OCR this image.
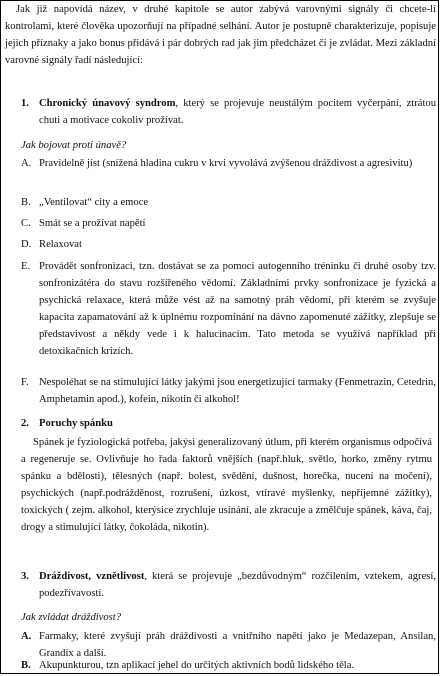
Jak již napovídá název, v druhé kapitole se autor zabývá varovnými signály či chcete-li kontrolami, které člověka upozorňují na případné selhání. Autor je postupně charakterizuje, popisuje jejich příznaky a jako bonus přidává i pár dobrých rad jak jim předcházet či je zvládat. Mezi základní varovné signály řadí následující:
1. Chronický únavový syndrom, který se projevuje neustálým pocitem vyčerpání, ztrátou chuti a motivace cokoliv prožívat.
Jak bojovat proti únavě?
A. Pravidelně jíst (snížená hladina cukru v krvi vyvolává zvýšenou dráždivost a agresivitu)
B. „Ventilovat“ city a emoce
C. Smát se a prožívat napětí
D. Relaxovat
E. Provádět sonfronizaci, tzn. dostávat se za pomoci autogenního tréninku či druhé osoby tzv. sonfronizátéra do stavu rozšířeného vědomí. Základními prvky sonfronizace je fyzická a psychická relaxace, která může vést až na samotný práh vědomí, při kterém se zvyšuje kapacita zapamatování až k úplnému rozpomínání na dávno zapomenuté zážitky, zlepšuje se představivost a někdy vede i k halucinacím. Tato metoda se využívá například při detoxikačních krizích.
F. Nespoléhat se na stimulující látky jakými jsou energetizující tarmaky (Fenmetrazin, Cetedrin, Amphetamin apod.), kofein, nikotin či alkohol!
2. Poruchy spánku
Spánek je fyziologická potřeba, jakýsi generalizovaný útlum, při kterém organismus odpočívá a regeneruje se. Ovlivňuje ho řada faktorů vnějších (např.hluk, světlo, horko, změny rytmu spánku a bdělosti), tělesných (např. bolest, svědění, dušnost, horečka, nucení na močení), psychických (např.podrážděnost, rozrušení, úzkost, vtíravé myšlenky, nepříjemné zážitky), toxických ( zejm. alkohol, kterýsice zrychluje usínání, ale zkracuje a změlčuje spánek, káva, čaj, drogy a stimulující látky, čokoláda, nikotin).
3. Dráždivost, vznětlivost, která se projevuje „bezdůvodným“ rozčilením, vztekem, agresí, podezřívavostí.
Jak zvládat dráždivost?
A. Farmaky, které zvyšují práh dráždivosti a vnitřního napětí jako je Medazepan, Ansilan, Grandix a další.
B. Akupunkturou, tzn aplikací jehel do určitých aktivních bodů lidského těla.
